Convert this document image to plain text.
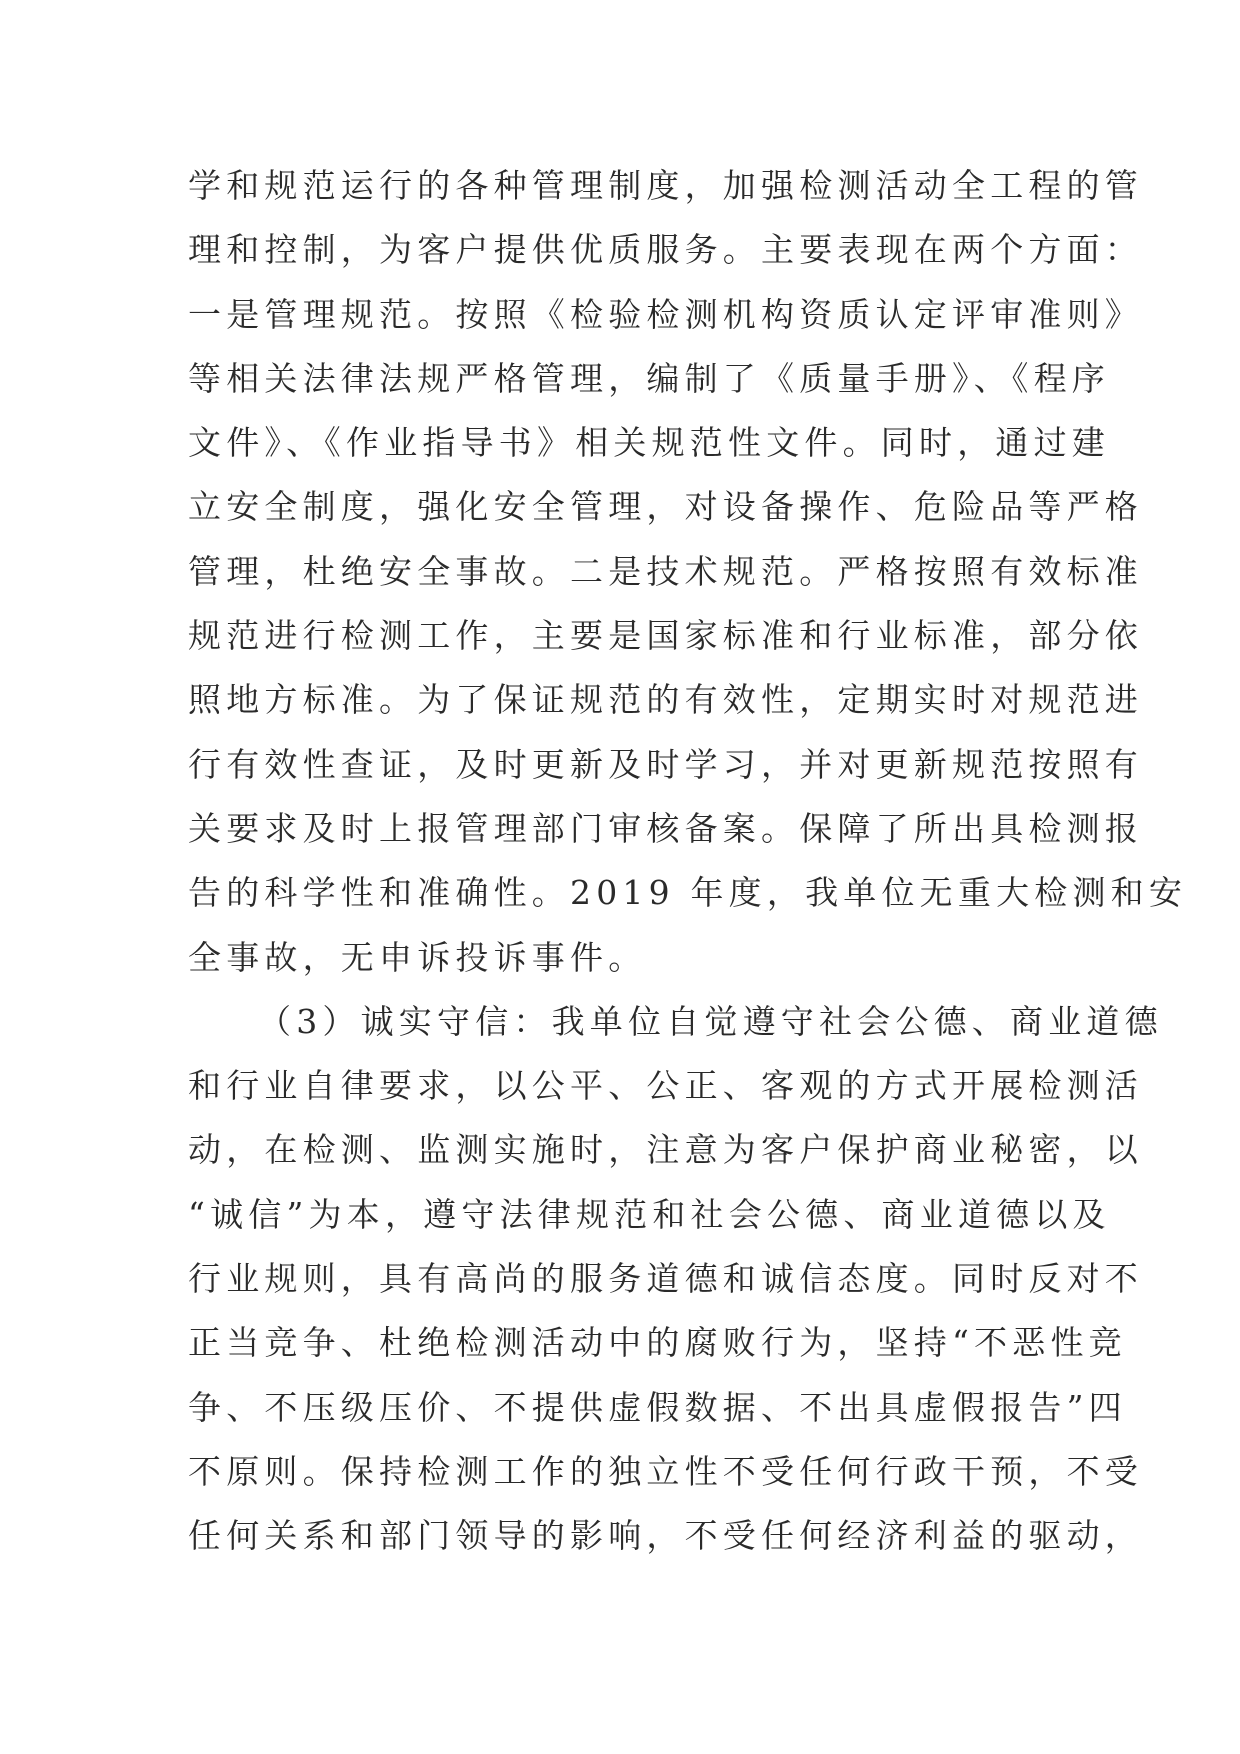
学和规范运行的各种管理制度，加强检测活动全工程的管
理和控制，为客户提供优质服务。主要表现在两个方面：
一是管理规范。按照《检验检测机构资质认定评审准则》
等相关法律法规严格管理，编制了《质量手册》、《程序
文件》、《作业指导书》相关规范性文件。同时，通过建
立安全制度，强化安全管理，对设备操作、危险品等严格
管理，杜绝安全事故。二是技术规范。严格按照有效标准
规范进行检测工作，主要是国家标准和行业标准，部分依
照地方标准。为了保证规范的有效性，定期实时对规范进
行有效性查证，及时更新及时学习，并对更新规范按照有
关要求及时上报管理部门审核备案。保障了所出具检测报
告的科学性和准确性。2019 年度，我单位无重大检测和安
全事故，无申诉投诉事件。
（3）诚实守信：我单位自觉遵守社会公德、商业道德
和行业自律要求，以公平、公正、客观的方式开展检测活
动，在检测、监测实施时，注意为客户保护商业秘密，以
“诚信”为本，遵守法律规范和社会公德、商业道德以及
行业规则，具有高尚的服务道德和诚信态度。同时反对不
正当竞争、杜绝检测活动中的腐败行为，坚持“不恶性竞
争、不压级压价、不提供虚假数据、不出具虚假报告”四
不原则。保持检测工作的独立性不受任何行政干预，不受
任何关系和部门领导的影响，不受任何经济利益的驱动，
